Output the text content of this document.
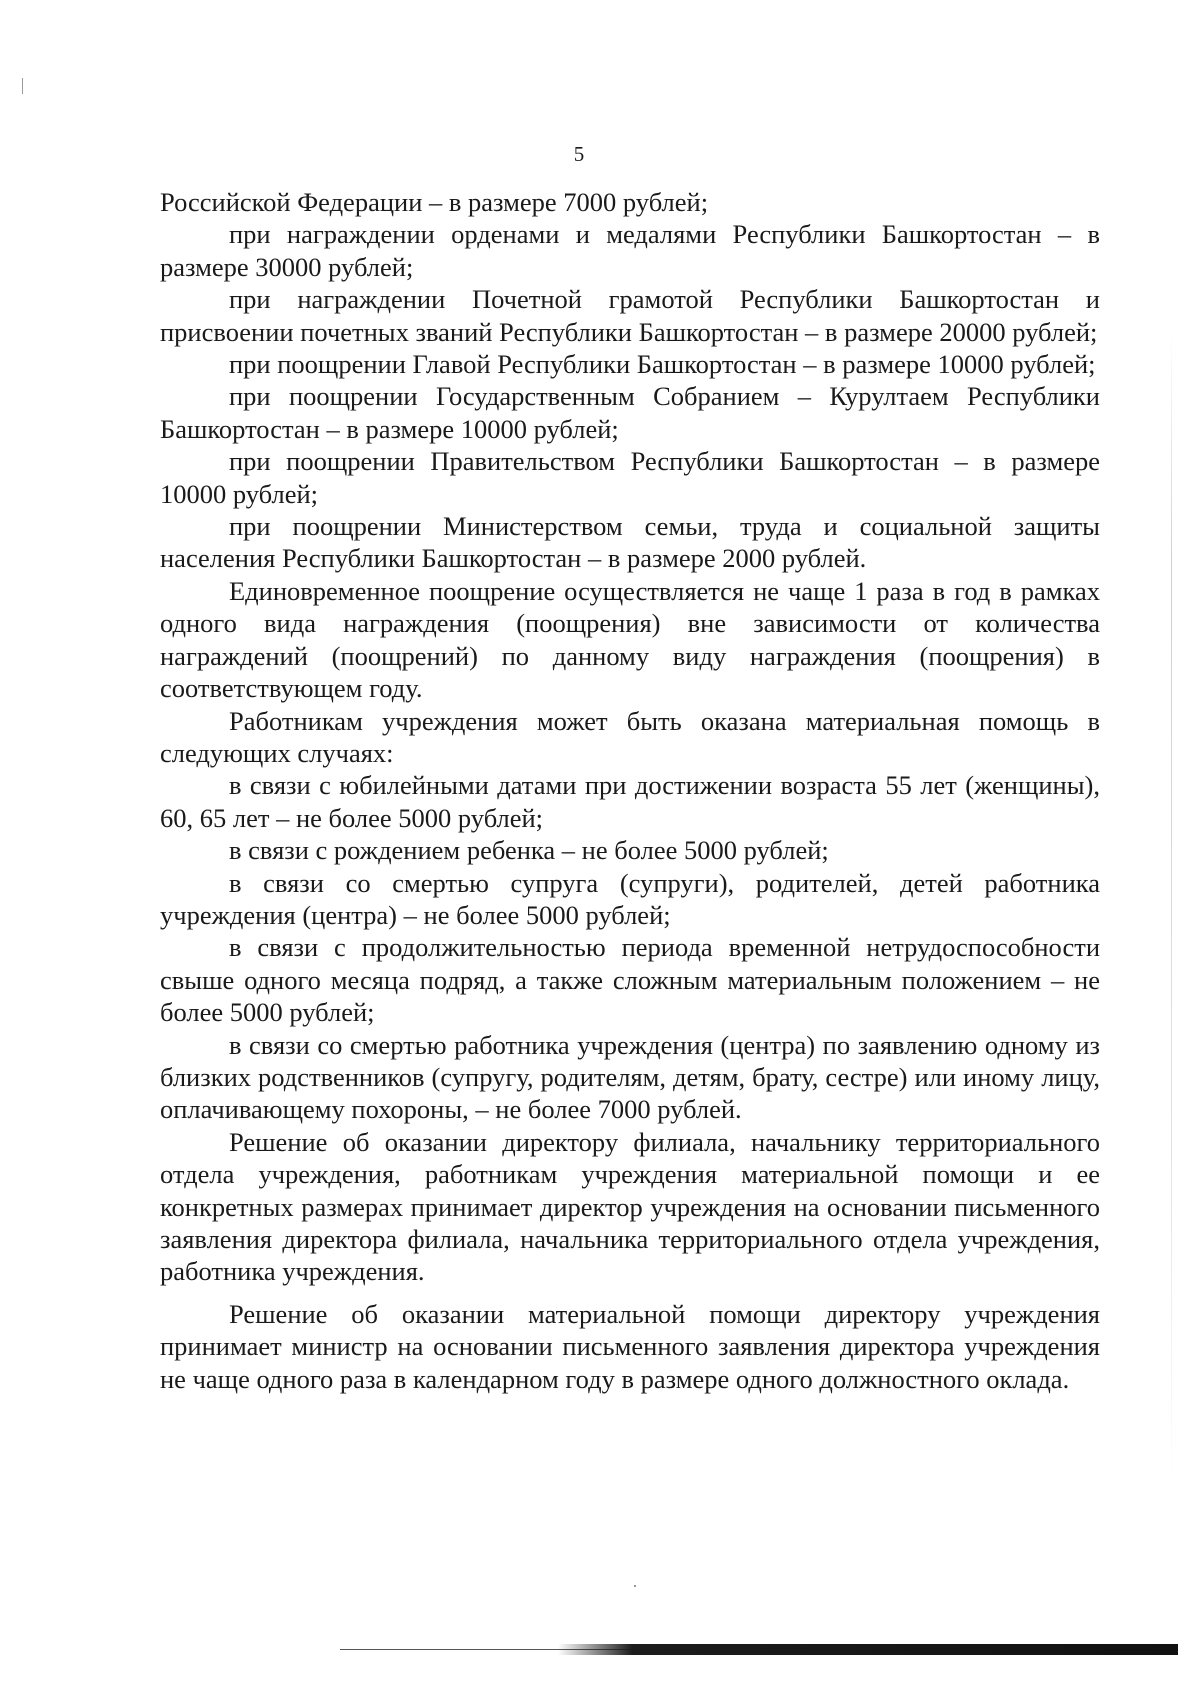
5

Российской Федерации – в размере 7000 рублей;

при награждении орденами и медалями Республики Башкортостан – в размере 30000 рублей;

при награждении Почетной грамотой Республики Башкортостан и присвоении почетных званий Республики Башкортостан – в размере 20000 рублей;

при поощрении Главой Республики Башкортостан – в размере 10000 рублей;

при поощрении Государственным Собранием – Курултаем Республики Башкортостан – в размере 10000 рублей;

при поощрении Правительством Республики Башкортостан – в размере 10000 рублей;

при поощрении Министерством семьи, труда и социальной защиты населения Республики Башкортостан – в размере 2000 рублей.

Единовременное поощрение осуществляется не чаще 1 раза в год в рамках одного вида награждения (поощрения) вне зависимости от количества награждений (поощрений) по данному виду награждения (поощрения) в соответствующем году.

Работникам учреждения может быть оказана материальная помощь в следующих случаях:

в связи с юбилейными датами при достижении возраста 55 лет (женщины), 60, 65 лет – не более 5000 рублей;

в связи с рождением ребенка – не более 5000 рублей;

в связи со смертью супруга (супруги), родителей, детей работника учреждения (центра) – не более 5000 рублей;

в связи с продолжительностью периода временной нетрудоспособности свыше одного месяца подряд, а также сложным материальным положением – не более 5000 рублей;

в связи со смертью работника учреждения (центра) по заявлению одному из близких родственников (супругу, родителям, детям, брату, сестре) или иному лицу, оплачивающему похороны, – не более 7000 рублей.

Решение об оказании директору филиала, начальнику территориального отдела учреждения, работникам учреждения материальной помощи и ее конкретных размерах принимает директор учреждения на основании письменного заявления директора филиала, начальника территориального отдела учреждения, работника учреждения.

Решение об оказании материальной помощи директору учреждения принимает министр на основании письменного заявления директора учреждения не чаще одного раза в календарном году в размере одного должностного оклада.
